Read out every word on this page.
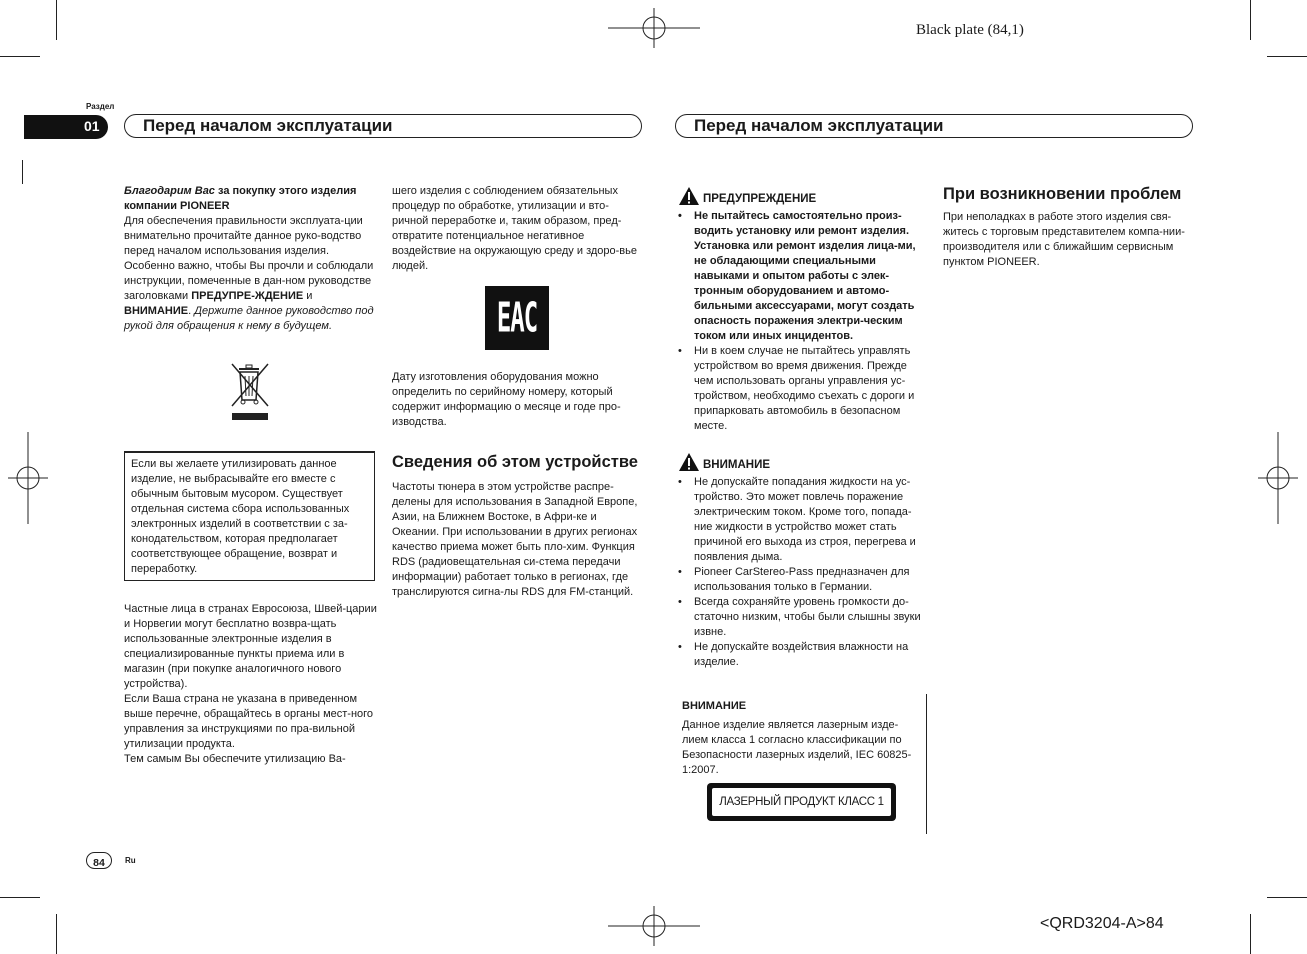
Black plate (84,1)
Раздел
01	Перед началом эксплуатации	Перед началом эксплуатации

Благодарим Вас за покупку этого изделия компании PIONEER

Для обеспечения правильности эксплуата-ции внимательно прочитайте данное руко-водство перед началом использования изделия. Особенно важно, чтобы Вы прочли и соблюдали инструкции, помеченные в дан-ном руководстве заголовками ПРЕДУПРЕ-ЖДЕНИЕ и ВНИМАНИЕ. Держите данное руководство под рукой для обращения к нему в будущем.

Если вы желаете утилизировать данное изделие, не выбрасывайте его вместе с обычным бытовым мусором. Существует отдельная система сбора использованных электронных изделий в соответствии с за-конодательством, которая предполагает соответствующее обращение, возврат и переработку.

Частные лица в странах Евросоюза, Швей-царии и Норвегии могут бесплатно возвра-щать использованные электронные изделия в специализированные пункты приема или в магазин (при покупке аналогичного нового устройства).

Если Ваша страна не указана в приведенном выше перечне, обращайтесь в органы мест-ного управления за инструкциями по пра-вильной утилизации продукта.

Тем самым Вы обеспечите утилизацию Ва-

шего изделия с соблюдением обязательных процедур по обработке, утилизации и вто-ричной переработке и, таким образом, пред-отвратите потенциальное негативное воздействие на окружающую среду и здоро-вье людей.

EAC

Дату изготовления оборудования можно определить по серийному номеру, который содержит информацию о месяце и годе про-изводства.

Сведения об этом устройстве

Частоты тюнера в этом устройстве распре-делены для использования в Западной Европе, Азии, на Ближнем Востоке, в Афри-ке и Океании. При использовании в других регионах качество приема может быть пло-хим. Функция RDS (радиовещательная си-стема передачи информации) работает только в регионах, где транслируются сигна-лы RDS для FM-станций.

ПРЕДУПРЕЖДЕНИЕ
• Не пытайтесь самостоятельно произ-водить установку или ремонт изделия. Установка или ремонт изделия лица-ми, не обладающими специальными навыками и опытом работы с элек-тронным оборудованием и автомо-бильными аксессуарами, могут создать опасность поражения электри-ческим током или иных инцидентов.
• Ни в коем случае не пытайтесь управлять устройством во время движения. Прежде чем использовать органы управления ус-тройством, необходимо съехать с дороги и припарковать автомобиль в безопасном месте.
ВНИМАНИЕ
• Не допускайте попадания жидкости на ус-тройство. Это может повлечь поражение электрическим током. Кроме того, попада-ние жидкости в устройство может стать причиной его выхода из строя, перегрева и появления дыма.
• Pioneer CarStereo-Pass предназначен для использования только в Германии.
• Всегда сохраняйте уровень громкости до-статочно низким, чтобы были слышны звуки извне.
• Не допускайте воздействия влажности на изделие.

ВНИМАНИЕ

Данное изделие является лазерным изде-лием класса 1 согласно классификации по Безопасности лазерных изделий, IEC 60825-1:2007.

ЛАЗЕРНЫЙ ПРОДУКТ КЛАСС 1

При возникновении проблем

При неполадках в работе этого изделия свя-житесь с торговым представителем компа-нии-производителя или с ближайшим сервисным пунктом PIONEER.

84	Ru
<QRD3204-A>84
